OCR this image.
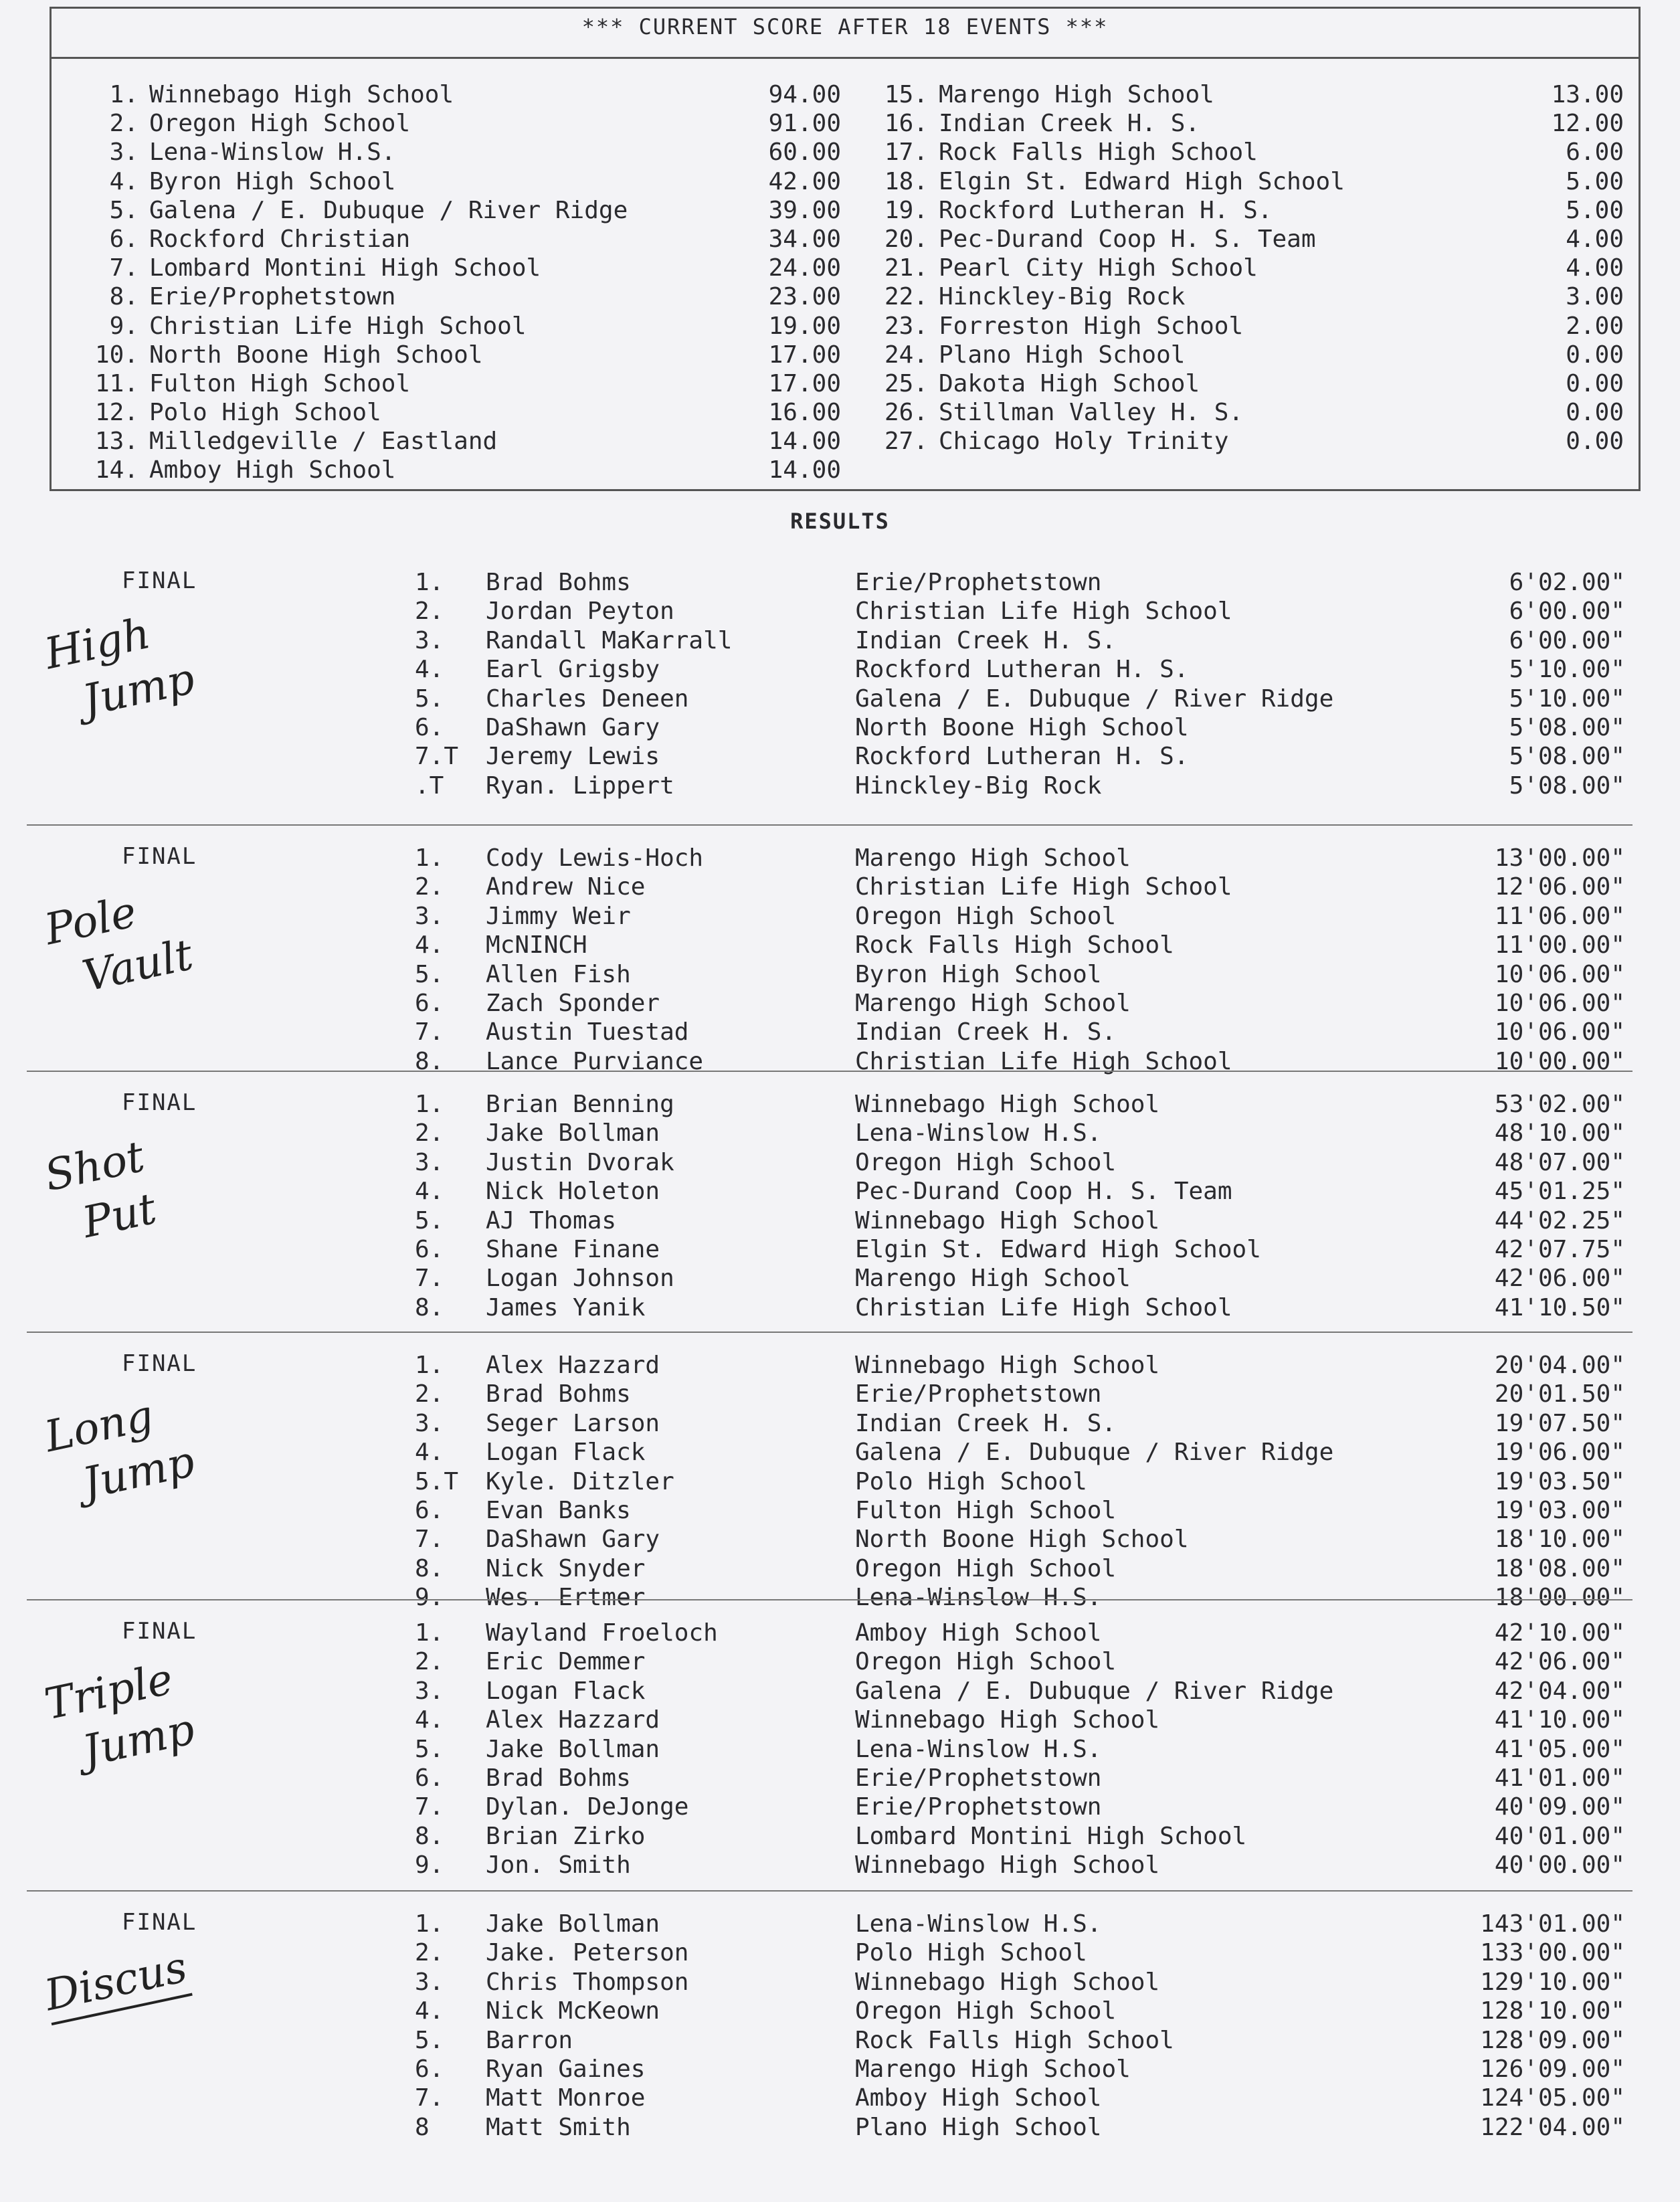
*** CURRENT SCORE AFTER 18 EVENTS ***
1. Winnebago High School	94.00
2. Oregon High School	91.00
3. Lena-Winslow H.S.	60.00
4. Byron High School	42.00
5. Galena / E. Dubuque / River Ridge	39.00
6. Rockford Christian	34.00
7. Lombard Montini High School	24.00
8. Erie/Prophetstown	23.00
9. Christian Life High School	19.00
10. North Boone High School	17.00
11. Fulton High School	17.00
12. Polo High School	16.00
13. Milledgeville / Eastland	14.00
14. Amboy High School	14.00
15. Marengo High School	13.00
16. Indian Creek H. S.	12.00
17. Rock Falls High School	6.00
18. Elgin St. Edward High School	5.00
19. Rockford Lutheran H. S.	5.00
20. Pec-Durand Coop H. S. Team	4.00
21. Pearl City High School	4.00
22. Hinckley-Big Rock	3.00
23. Forreston High School	2.00
24. Plano High School	0.00
25. Dakota High School	0.00
26. Stillman Valley H. S.	0.00
27. Chicago Holy Trinity	0.00
RESULTS
FINAL
High
Jump
1.	Brad Bohms	Erie/Prophetstown	6'02.00"
2.	Jordan Peyton	Christian Life High School	6'00.00"
3.	Randall MaKarrall	Indian Creek H. S.	6'00.00"
4.	Earl Grigsby	Rockford Lutheran H. S.	5'10.00"
5.	Charles Deneen	Galena / E. Dubuque / River Ridge	5'10.00"
6.	DaShawn Gary	North Boone High School	5'08.00"
7.T	Jeremy Lewis	Rockford Lutheran H. S.	5'08.00"
.T	Ryan. Lippert	Hinckley-Big Rock	5'08.00"
FINAL
Pole
Vault
1.	Cody Lewis-Hoch	Marengo High School	13'00.00"
2.	Andrew Nice	Christian Life High School	12'06.00"
3.	Jimmy Weir	Oregon High School	11'06.00"
4.	McNINCH	Rock Falls High School	11'00.00"
5.	Allen Fish	Byron High School	10'06.00"
6.	Zach Sponder	Marengo High School	10'06.00"
7.	Austin Tuestad	Indian Creek H. S.	10'06.00"
8.	Lance Purviance	Christian Life High School	10'00.00"
FINAL
Shot
Put
1.	Brian Benning	Winnebago High School	53'02.00"
2.	Jake Bollman	Lena-Winslow H.S.	48'10.00"
3.	Justin Dvorak	Oregon High School	48'07.00"
4.	Nick Holeton	Pec-Durand Coop H. S. Team	45'01.25"
5.	AJ Thomas	Winnebago High School	44'02.25"
6.	Shane Finane	Elgin St. Edward High School	42'07.75"
7.	Logan Johnson	Marengo High School	42'06.00"
8.	James Yanik	Christian Life High School	41'10.50"
FINAL
Long
Jump
1.	Alex Hazzard	Winnebago High School	20'04.00"
2.	Brad Bohms	Erie/Prophetstown	20'01.50"
3.	Seger Larson	Indian Creek H. S.	19'07.50"
4.	Logan Flack	Galena / E. Dubuque / River Ridge	19'06.00"
5.T	Kyle. Ditzler	Polo High School	19'03.50"
6.	Evan Banks	Fulton High School	19'03.00"
7.	DaShawn Gary	North Boone High School	18'10.00"
8.	Nick Snyder	Oregon High School	18'08.00"
9.	Wes. Ertmer	Lena-Winslow H.S.	18'00.00"
FINAL
Triple
Jump
1.	Wayland Froeloch	Amboy High School	42'10.00"
2.	Eric Demmer	Oregon High School	42'06.00"
3.	Logan Flack	Galena / E. Dubuque / River Ridge	42'04.00"
4.	Alex Hazzard	Winnebago High School	41'10.00"
5.	Jake Bollman	Lena-Winslow H.S.	41'05.00"
6.	Brad Bohms	Erie/Prophetstown	41'01.00"
7.	Dylan. DeJonge	Erie/Prophetstown	40'09.00"
8.	Brian Zirko	Lombard Montini High School	40'01.00"
9.	Jon. Smith	Winnebago High School	40'00.00"
FINAL
Discus
1.	Jake Bollman	Lena-Winslow H.S.	143'01.00"
2.	Jake. Peterson	Polo High School	133'00.00"
3.	Chris Thompson	Winnebago High School	129'10.00"
4.	Nick McKeown	Oregon High School	128'10.00"
5.	Barron	Rock Falls High School	128'09.00"
6.	Ryan Gaines	Marengo High School	126'09.00"
7.	Matt Monroe	Amboy High School	124'05.00"
8	Matt Smith	Plano High School	122'04.00"
